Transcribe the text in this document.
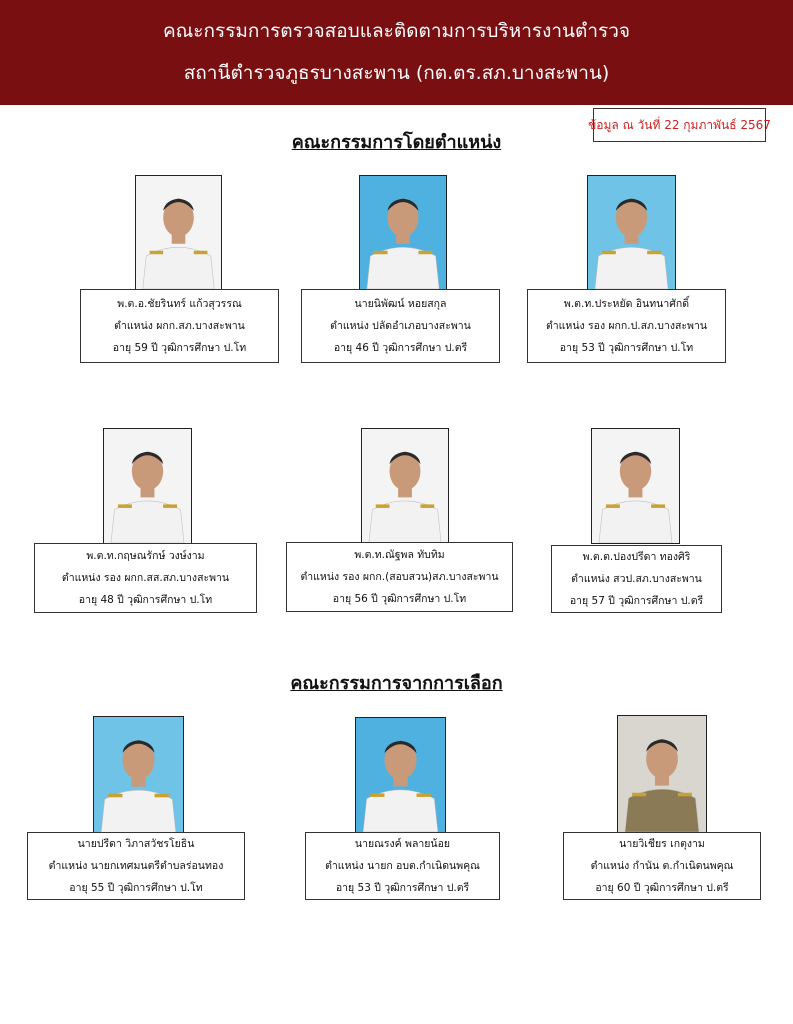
คณะกรรมการตรวจสอบและติดตามการบริหารงานตำรวจ
สถานีตำรวจภูธรบางสะพาน (กต.ตร.สภ.บางสะพาน)
ข้อมูล ณ วันที่ 22 กุมภาพันธ์ 2567
คณะกรรมการโดยตำแหน่ง
คณะกรรมการจากการเลือก
พ.ต.อ.ชัยรินทร์ แก้วสุวรรณ
ตำแหน่ง ผกก.สภ.บางสะพาน
อายุ 59 ปี วุฒิการศึกษา ป.โท
นายนิพัฒน์ หอยสกุล
ตำแหน่ง ปลัดอำเภอบางสะพาน
อายุ 46 ปี วุฒิการศึกษา ป.ตรี
พ.ต.ท.ประหยัด อินทนาศักดิ์
ตำแหน่ง รอง ผกก.ป.สภ.บางสะพาน
อายุ 53 ปี วุฒิการศึกษา ป.โท
พ.ต.ท.กฤษณรักษ์ วงษ์งาม
ตำแหน่ง รอง ผกก.สส.สภ.บางสะพาน
อายุ 48 ปี วุฒิการศึกษา ป.โท
พ.ต.ท.ณัฐพล ทับทิม
ตำแหน่ง รอง ผกก.(สอบสวน)สภ.บางสะพาน
อายุ 56 ปี วุฒิการศึกษา ป.โท
พ.ต.ต.ปองปรีดา ทองศิริ
ตำแหน่ง สวป.สภ.บางสะพาน
อายุ 57 ปี วุฒิการศึกษา ป.ตรี
นายปรีดา วิภาสวัชรโยธิน
ตำแหน่ง นายกเทศมนตรีตำบลร่อนทอง
อายุ 55 ปี วุฒิการศึกษา ป.โท
นายณรงค์ พลายน้อย
ตำแหน่ง นายก อบต.กำเนิดนพคุณ
อายุ 53 ปี วุฒิการศึกษา ป.ตรี
นายวิเชียร เกตุงาม
ตำแหน่ง กำนัน ต.กำเนิดนพคุณ
อายุ 60 ปี วุฒิการศึกษา ป.ตรี
